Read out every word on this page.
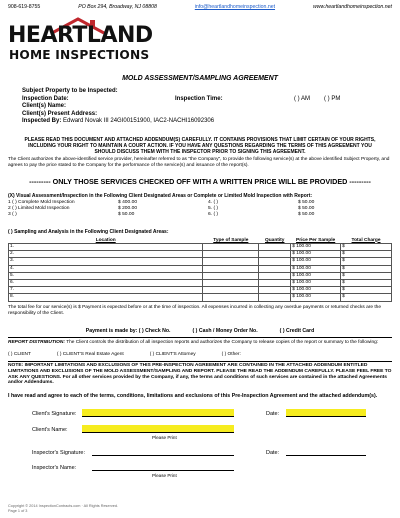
908-619-8755	PO Box 294, Broadway, NJ 08808	info@heartlandhomeinspection.net	www.heartlandhomeinspection.net
HEARTLAND
HOME INSPECTIONS
MOLD ASSESSMENT/SAMPLING AGREEMENT
Subject Property to be Inspected:
Inspection Date:	Inspection Time:	( ) AM ( ) PM
Client(s) Name:
Client(s) Present Address:
Inspected By: Edward Novak III 24GI00151900, IAC2-NACHI16092306
PLEASE READ THIS DOCUMENT AND ATTACHED ADDENDUM(S) CAREFULLY. IT CONTAINS PROVISIONS THAT LIMIT CERTAIN OF YOUR RIGHTS, INCLUDING YOUR RIGHT TO MAINTAIN A COURT ACTION. IF YOU HAVE ANY QUESTIONS REGARDING THE TERMS OF THIS AGREEMENT YOU SHOULD DISCUSS THEM WITH THE INSPECTOR PRIOR TO SIGNING THIS AGREEMENT.
The Client authorizes the above-identified service provider, hereinafter referred to as "the Company", to provide the following service(s) at the above identified Subject Property, and agrees to pay the price stated to the Company for the performance of the service(s) and issuance of the report(s).
--------- ONLY THOSE SERVICES CHECKED OFF WITH A WRITTEN PRICE WILL BE PROVIDED ---------
(X) Visual Assessment/Inspection in the Following Client Designated Areas or Complete or Limited Mold Inspection with Report:
1 ( ) Complete Mold Inspection	$ 400.00	4. ( )	$ 50.00
2 ( ) Limited Mold Inspection	$ 200.00	5. ( )	$ 50.00
3 ( )	$ 50.00	6. ( )	$ 50.00
( ) Sampling and Analysis in the Following Client Designated Areas:
Location	Type of Sample	Quantity	Price Per Sample	Total Charge
1.			$ 100.00	$
2.			$ 100.00	$
3.			$ 100.00	$
4.			$ 100.00	$
5.			$ 100.00	$
6.			$ 100.00	$
7.			$ 100.00	$
8.			$ 100.00	$
The total fee for our service(s) is $ Payment is expected before or at the time of inspection. All expenses incurred in collecting any overdue payments or returned checks are the responsibility of the Client.
Payment is made by: ( ) Check No.	( ) Cash / Money Order No.	( ) Credit Card
REPORT DISTRIBUTION: The Client controls the distribution of all inspection reports and authorizes the Company to release copies of the report or summary to the following:
( ) CLIENT	( ) CLIENT'S Real Estate Agent	( ) CLIENT'S Attorney	( ) Other:
NOTE: IMPORTANT LIMITATIONS AND EXCLUSIONS OF THIS PRE-INSPECTION AGREEMENT ARE CONTAINED IN THE ATTACHED ADDENDUM ENTITLED LIMITATIONS AND EXCLUSIONS OF THE MOLD ASSESSMENT/SAMPLING AND REPORT. PLEASE THE READ THE ADDENDUM CAREFULLY. PLEASE FEEL FREE TO ASK ANY QUESTIONS. For all other services provided by the Company, if any, the terms and conditions of such services are contained in the attached Agreements and/or Addendums.
I have read and agree to each of the terms, conditions, limitations and exclusions of this Pre-Inspection Agreement and the attached addendum(s).
Client's Signature:	Date:
Client's Name:
Please Print
Inspector's Signature:	Date:
Inspector's Name:
Please Print
Copyright © 2014 InspectionContracts.com · All Rights Reserved.
Page 1 of 3
